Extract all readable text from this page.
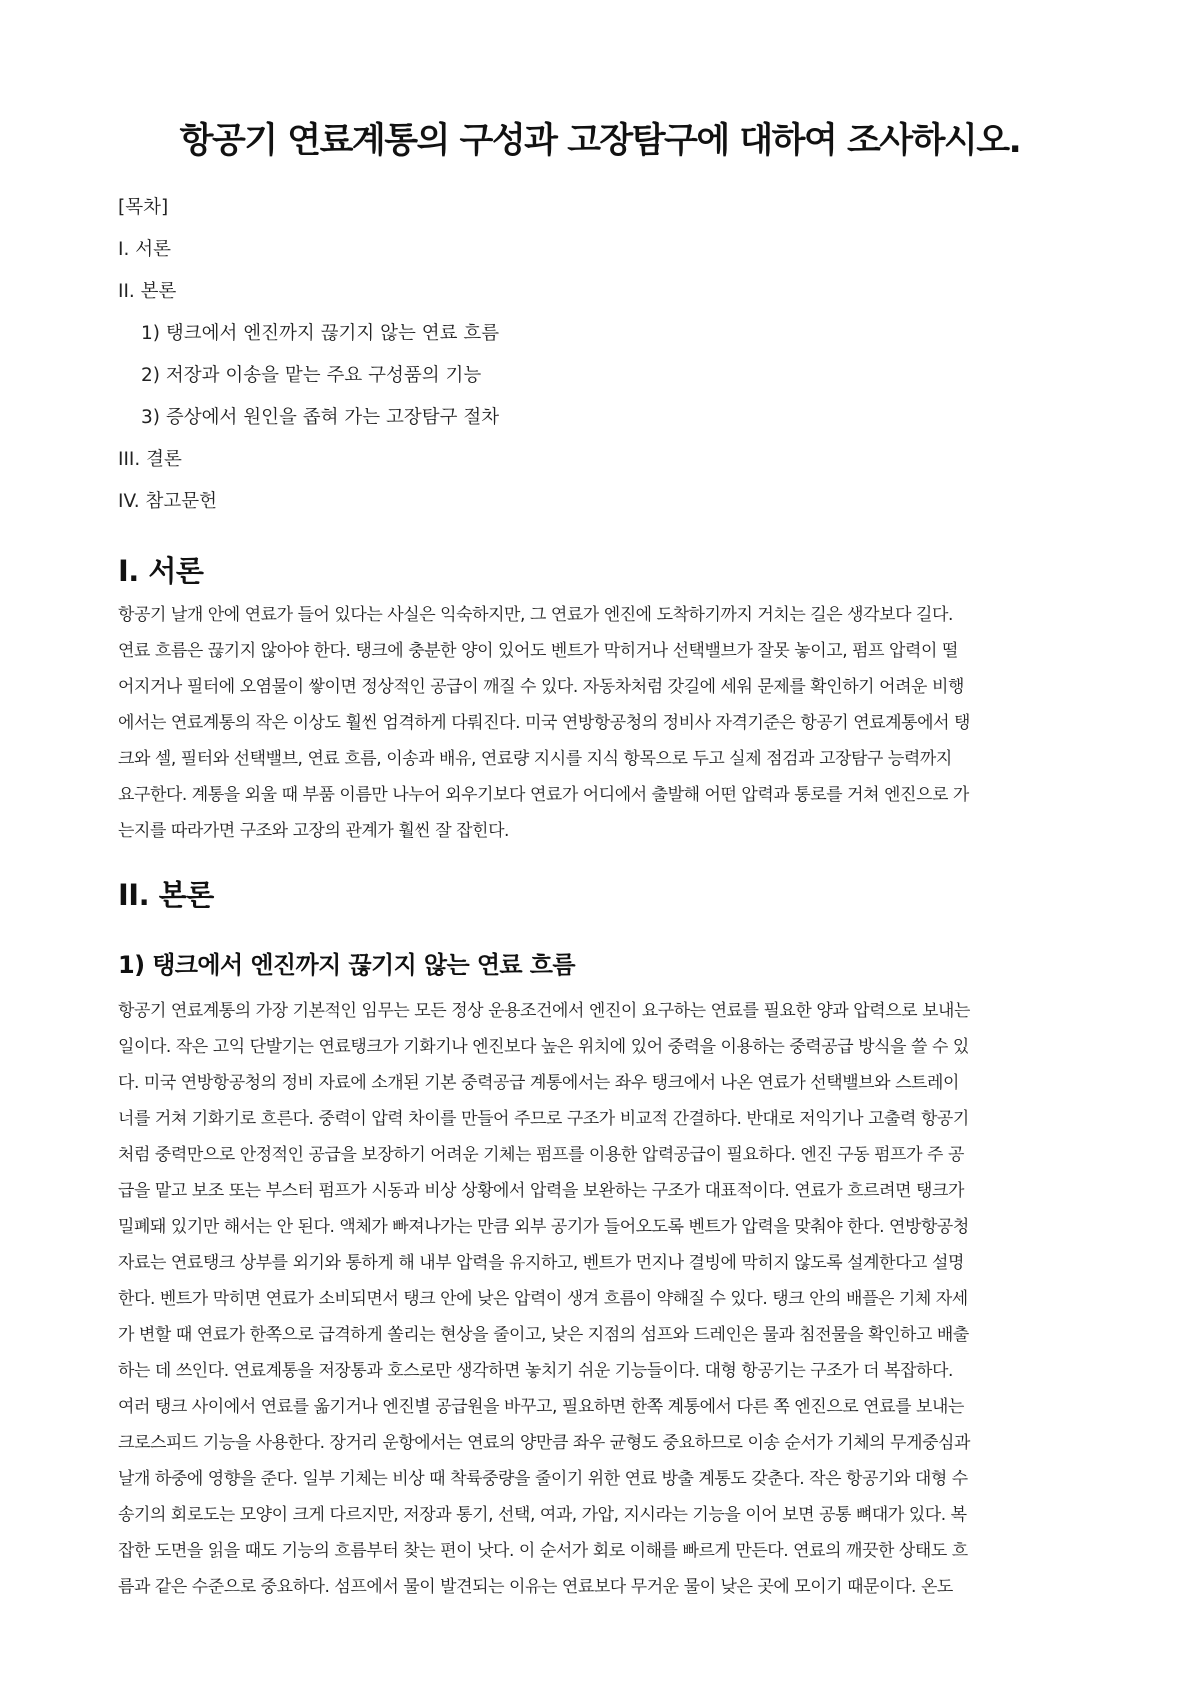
항공기 연료계통의 구성과 고장탐구에 대하여 조사하시오.
[목차]
I. 서론
II. 본론
1) 탱크에서 엔진까지 끊기지 않는 연료 흐름
2) 저장과 이송을 맡는 주요 구성품의 기능
3) 증상에서 원인을 좁혀 가는 고장탐구 절차
III. 결론
IV. 참고문헌
I. 서론
항공기 날개 안에 연료가 들어 있다는 사실은 익숙하지만, 그 연료가 엔진에 도착하기까지 거치는 길은 생각보다 길다.
연료 흐름은 끊기지 않아야 한다. 탱크에 충분한 양이 있어도 벤트가 막히거나 선택밸브가 잘못 놓이고, 펌프 압력이 떨
어지거나 필터에 오염물이 쌓이면 정상적인 공급이 깨질 수 있다. 자동차처럼 갓길에 세워 문제를 확인하기 어려운 비행
에서는 연료계통의 작은 이상도 훨씬 엄격하게 다뤄진다. 미국 연방항공청의 정비사 자격기준은 항공기 연료계통에서 탱
크와 셀, 필터와 선택밸브, 연료 흐름, 이송과 배유, 연료량 지시를 지식 항목으로 두고 실제 점검과 고장탐구 능력까지
요구한다. 계통을 외울 때 부품 이름만 나누어 외우기보다 연료가 어디에서 출발해 어떤 압력과 통로를 거쳐 엔진으로 가
는지를 따라가면 구조와 고장의 관계가 훨씬 잘 잡힌다.
II. 본론
1) 탱크에서 엔진까지 끊기지 않는 연료 흐름
항공기 연료계통의 가장 기본적인 임무는 모든 정상 운용조건에서 엔진이 요구하는 연료를 필요한 양과 압력으로 보내는
일이다. 작은 고익 단발기는 연료탱크가 기화기나 엔진보다 높은 위치에 있어 중력을 이용하는 중력공급 방식을 쓸 수 있
다. 미국 연방항공청의 정비 자료에 소개된 기본 중력공급 계통에서는 좌우 탱크에서 나온 연료가 선택밸브와 스트레이
너를 거쳐 기화기로 흐른다. 중력이 압력 차이를 만들어 주므로 구조가 비교적 간결하다. 반대로 저익기나 고출력 항공기
처럼 중력만으로 안정적인 공급을 보장하기 어려운 기체는 펌프를 이용한 압력공급이 필요하다. 엔진 구동 펌프가 주 공
급을 맡고 보조 또는 부스터 펌프가 시동과 비상 상황에서 압력을 보완하는 구조가 대표적이다. 연료가 흐르려면 탱크가
밀폐돼 있기만 해서는 안 된다. 액체가 빠져나가는 만큼 외부 공기가 들어오도록 벤트가 압력을 맞춰야 한다. 연방항공청
자료는 연료탱크 상부를 외기와 통하게 해 내부 압력을 유지하고, 벤트가 먼지나 결빙에 막히지 않도록 설계한다고 설명
한다. 벤트가 막히면 연료가 소비되면서 탱크 안에 낮은 압력이 생겨 흐름이 약해질 수 있다. 탱크 안의 배플은 기체 자세
가 변할 때 연료가 한쪽으로 급격하게 쏠리는 현상을 줄이고, 낮은 지점의 섬프와 드레인은 물과 침전물을 확인하고 배출
하는 데 쓰인다. 연료계통을 저장통과 호스로만 생각하면 놓치기 쉬운 기능들이다. 대형 항공기는 구조가 더 복잡하다.
여러 탱크 사이에서 연료를 옮기거나 엔진별 공급원을 바꾸고, 필요하면 한쪽 계통에서 다른 쪽 엔진으로 연료를 보내는
크로스피드 기능을 사용한다. 장거리 운항에서는 연료의 양만큼 좌우 균형도 중요하므로 이송 순서가 기체의 무게중심과
날개 하중에 영향을 준다. 일부 기체는 비상 때 착륙중량을 줄이기 위한 연료 방출 계통도 갖춘다. 작은 항공기와 대형 수
송기의 회로도는 모양이 크게 다르지만, 저장과 통기, 선택, 여과, 가압, 지시라는 기능을 이어 보면 공통 뼈대가 있다. 복
잡한 도면을 읽을 때도 기능의 흐름부터 찾는 편이 낫다. 이 순서가 회로 이해를 빠르게 만든다. 연료의 깨끗한 상태도 흐
름과 같은 수준으로 중요하다. 섬프에서 물이 발견되는 이유는 연료보다 무거운 물이 낮은 곳에 모이기 때문이다. 온도
